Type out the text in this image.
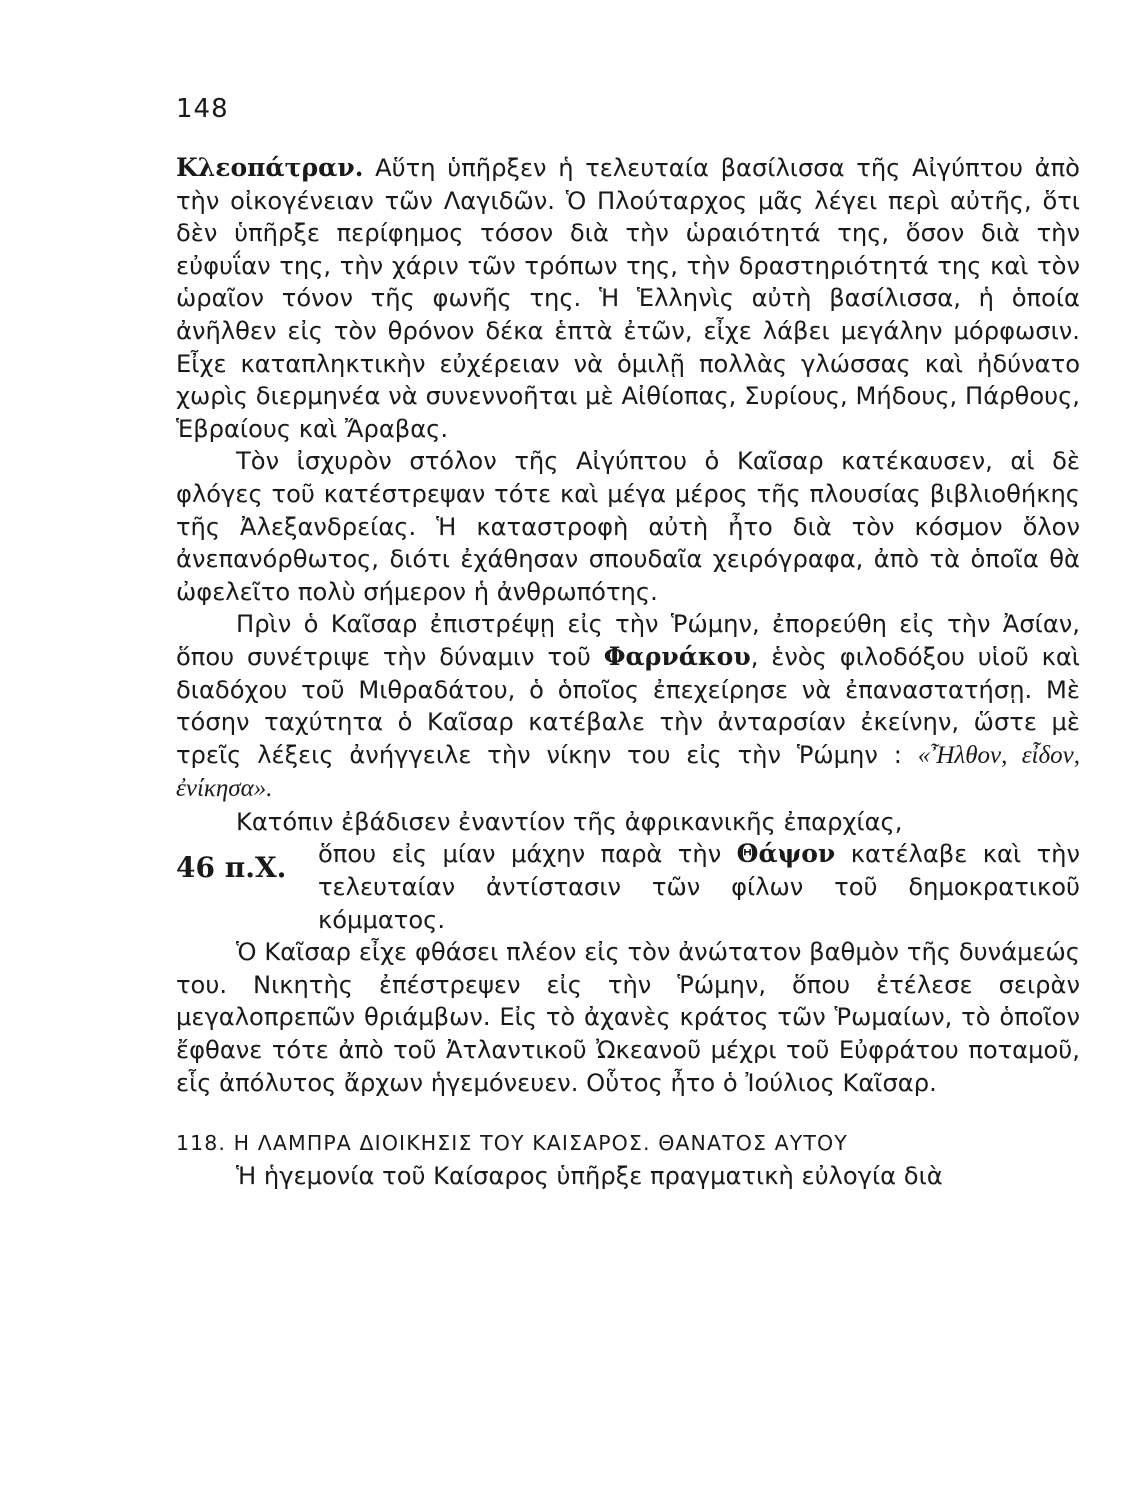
148

Κλεοπάτραν. Αὕτη ὑπῆρξεν ἡ τελευταία βασίλισσα τῆς Αἰγύπτου ἀπὸ τὴν οἰκογένειαν τῶν Λαγιδῶν. Ὁ Πλούταρχος μᾶς λέγει περὶ αὐτῆς, ὅτι δὲν ὑπῆρξε περίφημος τόσον διὰ τὴν ὡραιότητά της, ὅσον διὰ τὴν εὐφυΐαν της, τὴν χάριν τῶν τρόπων της, τὴν δραστηριότητά της καὶ τὸν ὡραῖον τόνον τῆς φωνῆς της. Ἡ Ἑλληνὶς αὐτὴ βασίλισσα, ἡ ὁποία ἀνῆλθεν εἰς τὸν θρόνον δέκα ἑπτὰ ἐτῶν, εἶχε λάβει μεγάλην μόρφωσιν. Εἶχε καταπληκτικὴν εὐχέρειαν νὰ ὁμιλῇ πολλὰς γλώσσας καὶ ἠδύνατο χωρὶς διερμηνέα νὰ συνεννοῆται μὲ Αἰθίοπας, Συρίους, Μήδους, Πάρθους, Ἑβραίους καὶ Ἄραβας.

Τὸν ἰσχυρὸν στόλον τῆς Αἰγύπτου ὁ Καῖσαρ κατέκαυσεν, αἱ δὲ φλόγες τοῦ κατέστρεψαν τότε καὶ μέγα μέρος τῆς πλουσίας βιβλιοθήκης τῆς Ἀλεξανδρείας. Ἡ καταστροφὴ αὐτὴ ἦτο διὰ τὸν κόσμον ὅλον ἀνεπανόρθωτος, διότι ἐχάθησαν σπουδαῖα χειρόγραφα, ἀπὸ τὰ ὁποῖα θὰ ὠφελεῖτο πολὺ σήμερον ἡ ἀνθρωπότης.

Πρὶν ὁ Καῖσαρ ἐπιστρέψῃ εἰς τὴν Ῥώμην, ἐπορεύθη εἰς τὴν Ἀσίαν, ὅπου συνέτριψε τὴν δύναμιν τοῦ Φαρνάκου, ἑνὸς φιλοδόξου υἱοῦ καὶ διαδόχου τοῦ Μιθραδάτου, ὁ ὁποῖος ἐπεχείρησε νὰ ἐπαναστατήσῃ. Μὲ τόσην ταχύτητα ὁ Καῖσαρ κατέβαλε τὴν ἀνταρσίαν ἐκείνην, ὥστε μὲ τρεῖς λέξεις ἀνήγγειλε τὴν νίκην του εἰς τὴν Ῥώμην : «Ἦλθον, εἶδον, ἐνίκησα».

Κατόπιν ἐβάδισεν ἐναντίον τῆς ἀφρικανικῆς ἐπαρχίας,

46 π.Χ.	ὅπου εἰς μίαν μάχην παρὰ τὴν Θάψον κατέλαβε καὶ τὴν τελευταίαν ἀντίστασιν τῶν φίλων τοῦ δημοκρατικοῦ κόμματος.

Ὁ Καῖσαρ εἶχε φθάσει πλέον εἰς τὸν ἀνώτατον βαθμὸν τῆς δυνάμεώς του. Νικητὴς ἐπέστρεψεν εἰς τὴν Ῥώμην, ὅπου ἐτέλεσε σειρὰν μεγαλοπρεπῶν θριάμβων. Εἰς τὸ ἀχανὲς κράτος τῶν Ῥωμαίων, τὸ ὁποῖον ἔφθανε τότε ἀπὸ τοῦ Ἀτλαντικοῦ Ὠκεανοῦ μέχρι τοῦ Εὐφράτου ποταμοῦ, εἷς ἀπόλυτος ἄρχων ἡγεμόνευεν. Οὗτος ἦτο ὁ Ἰούλιος Καῖσαρ.

118. Η ΛΑΜΠΡΑ ΔΙΟΙΚΗΣΙΣ ΤΟΥ ΚΑΙΣΑΡΟΣ. ΘΑΝΑΤΟΣ ΑΥΤΟΥ

Ἡ ἡγεμονία τοῦ Καίσαρος ὑπῆρξε πραγματικὴ εὐλογία διὰ
